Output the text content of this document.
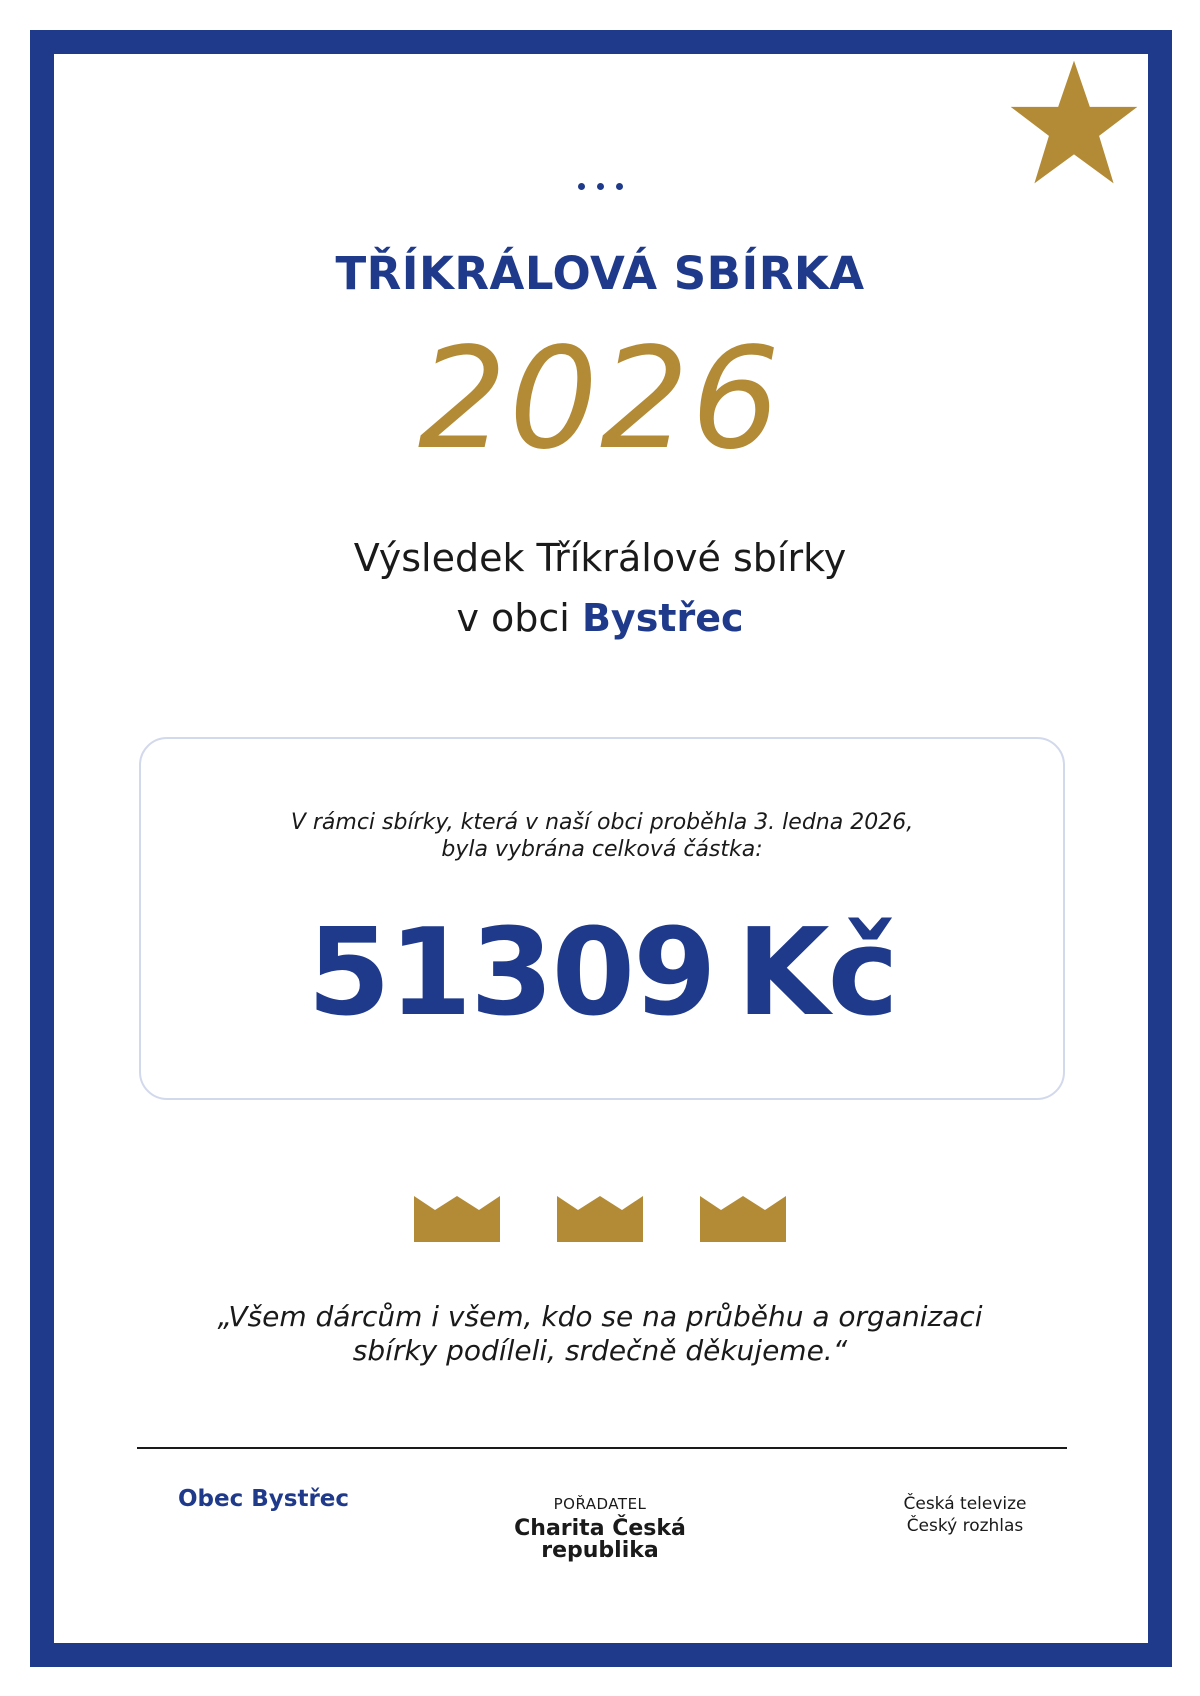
TŘÍKRÁLOVÁ SBÍRKA
2026
Výsledek Tříkrálové sbírky
v obci Bystřec
V rámci sbírky, která v naší obci proběhla 3. ledna 2026,
byla vybrána celková částka:
51309 Kč
„Všem dárcům i všem, kdo se na průběhu a organizaci
sbírky podíleli, srdečně děkujeme.“
Obec Bystřec	POŘADATEL
Charita Česká
republika
Česká televize
Český rozhlas
